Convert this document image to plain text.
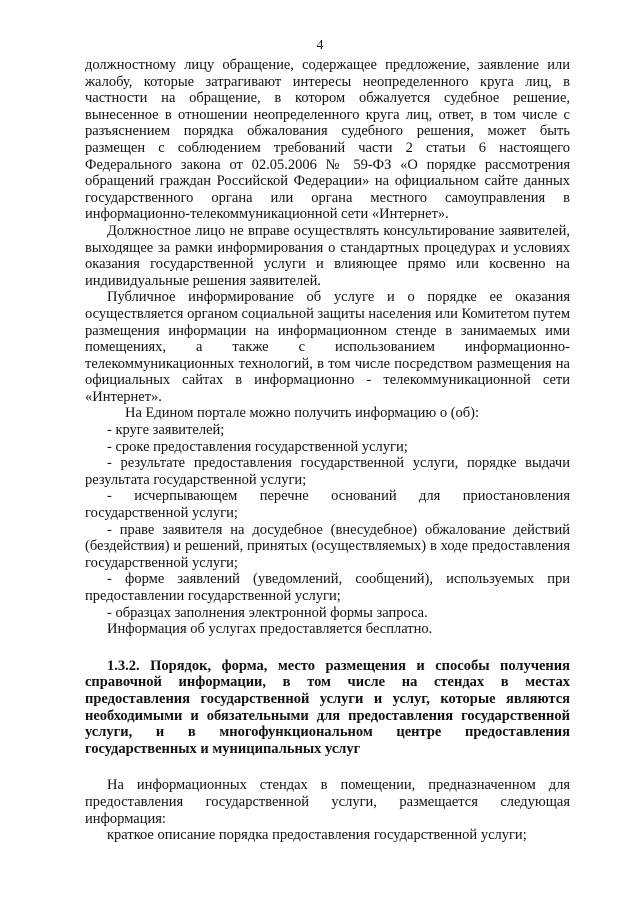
4

должностному лицу обращение, содержащее предложение, заявление или жалобу, которые затрагивают интересы неопределенного круга лиц, в частности на обращение, в котором обжалуется судебное решение, вынесенное в отношении неопределенного круга лиц, ответ, в том числе с разъяснением порядка обжалования судебного решения, может быть размещен с соблюдением требований части 2 статьи 6 настоящего Федерального закона от 02.05.2006 № 59-ФЗ «О порядке рассмотрения обращений граждан Российской Федерации» на официальном сайте данных государственного органа или органа местного самоуправления в информационно-телекоммуникационной сети «Интернет».

Должностное лицо не вправе осуществлять консультирование заявителей, выходящее за рамки информирования о стандартных процедурах и условиях оказания государственной услуги и влияющее прямо или косвенно на индивидуальные решения заявителей.

Публичное информирование об услуге и о порядке ее оказания осуществляется органом социальной защиты населения или Комитетом путем размещения информации на информационном стенде в занимаемых ими помещениях, а также с использованием информационно-телекоммуникационных технологий, в том числе посредством размещения на официальных сайтах в информационно - телекоммуникационной сети «Интернет».

На Едином портале можно получить информацию о (об):

- круге заявителей;

- сроке предоставления государственной услуги;

- результате предоставления государственной услуги, порядке выдачи результата государственной услуги;

- исчерпывающем перечне оснований для приостановления государственной услуги;

- праве заявителя на досудебное (внесудебное) обжалование действий (бездействия) и решений, принятых (осуществляемых) в ходе предоставления государственной услуги;

- форме заявлений (уведомлений, сообщений), используемых при предоставлении государственной услуги;

- образцах заполнения электронной формы запроса.

Информация об услугах предоставляется бесплатно.

1.3.2. Порядок, форма, место размещения и способы получения справочной информации, в том числе на стендах в местах предоставления государственной услуги и услуг, которые являются необходимыми и обязательными для предоставления государственной услуги, и в многофункциональном центре предоставления государственных и муниципальных услуг

На информационных стендах в помещении, предназначенном для предоставления государственной услуги, размещается следующая информация:

краткое описание порядка предоставления государственной услуги;
